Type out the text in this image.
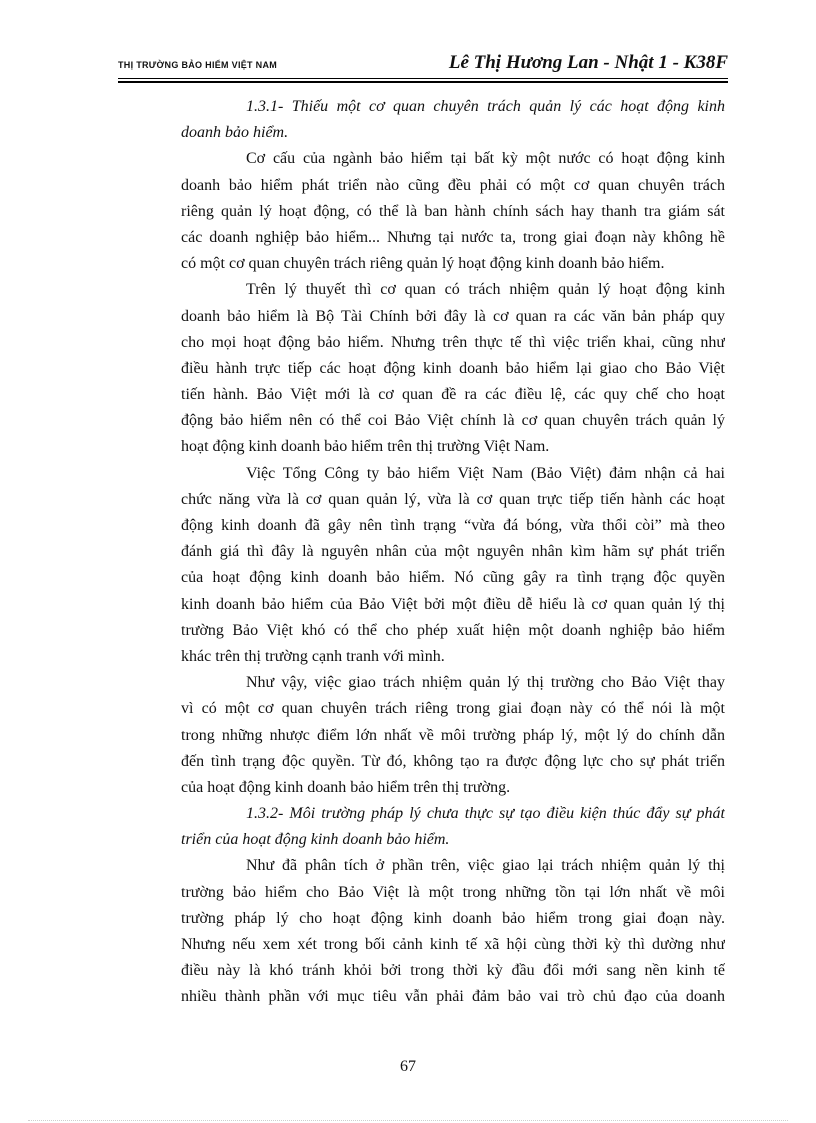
THỊ TRƯỜNG BẢO HIỂM VIỆT NAM	Lê Thị Hương Lan - Nhật 1 - K38F
1.3.1- Thiếu một cơ quan chuyên trách quản lý các hoạt động kinh
doanh bảo hiểm.
Cơ cấu của ngành bảo hiểm tại bất kỳ một nước có hoạt động kinh
doanh bảo hiểm phát triển nào cũng đều phải có một cơ quan chuyên trách
riêng quản lý hoạt động, có thể là ban hành chính sách hay thanh tra giám sát
các doanh nghiệp bảo hiểm... Nhưng tại nước ta, trong giai đoạn này không hề
có một cơ quan chuyên trách riêng quản lý hoạt động kinh doanh bảo hiểm.
Trên lý thuyết thì cơ quan có trách nhiệm quản lý hoạt động kinh
doanh bảo hiểm là Bộ Tài Chính bởi đây là cơ quan ra các văn bản pháp quy
cho mọi hoạt động bảo hiểm. Nhưng trên thực tế thì việc triển khai, cũng như
điều hành trực tiếp các hoạt động kinh doanh bảo hiểm lại giao cho Bảo Việt
tiến hành. Bảo Việt mới là cơ quan đề ra các điều lệ, các quy chế cho hoạt
động bảo hiểm nên có thể coi Bảo Việt chính là cơ quan chuyên trách quản lý
hoạt động kinh doanh bảo hiểm trên thị trường Việt Nam.
Việc Tổng Công ty bảo hiểm Việt Nam (Bảo Việt) đảm nhận cả hai
chức năng vừa là cơ quan quản lý, vừa là cơ quan trực tiếp tiến hành các hoạt
động kinh doanh đã gây nên tình trạng “vừa đá bóng, vừa thổi còi” mà theo
đánh giá thì đây là nguyên nhân của một nguyên nhân kìm hãm sự phát triển
của hoạt động kinh doanh bảo hiểm. Nó cũng gây ra tình trạng độc quyền
kinh doanh bảo hiểm của Bảo Việt bởi một điều dễ hiểu là cơ quan quản lý thị
trường Bảo Việt khó có thể cho phép xuất hiện một doanh nghiệp bảo hiểm
khác trên thị trường cạnh tranh với mình.
Như vậy, việc giao trách nhiệm quản lý thị trường cho Bảo Việt thay
vì có một cơ quan chuyên trách riêng trong giai đoạn này có thể nói là một
trong những nhược điểm lớn nhất về môi trường pháp lý, một lý do chính dẫn
đến tình trạng độc quyền. Từ đó, không tạo ra được động lực cho sự phát triển
của hoạt động kinh doanh bảo hiểm trên thị trường.
1.3.2- Môi trường pháp lý chưa thực sự tạo điều kiện thúc đẩy sự phát
triển của hoạt động kinh doanh bảo hiểm.
Như đã phân tích ở phần trên, việc giao lại trách nhiệm quản lý thị
trường bảo hiểm cho Bảo Việt là một trong những tồn tại lớn nhất về môi
trường pháp lý cho hoạt động kinh doanh bảo hiểm trong giai đoạn này.
Nhưng nếu xem xét trong bối cảnh kinh tế xã hội cùng thời kỳ thì dường như
điều này là khó tránh khỏi bởi trong thời kỳ đầu đổi mới sang nền kinh tế
nhiều thành phần với mục tiêu vẫn phải đảm bảo vai trò chủ đạo của doanh
67
